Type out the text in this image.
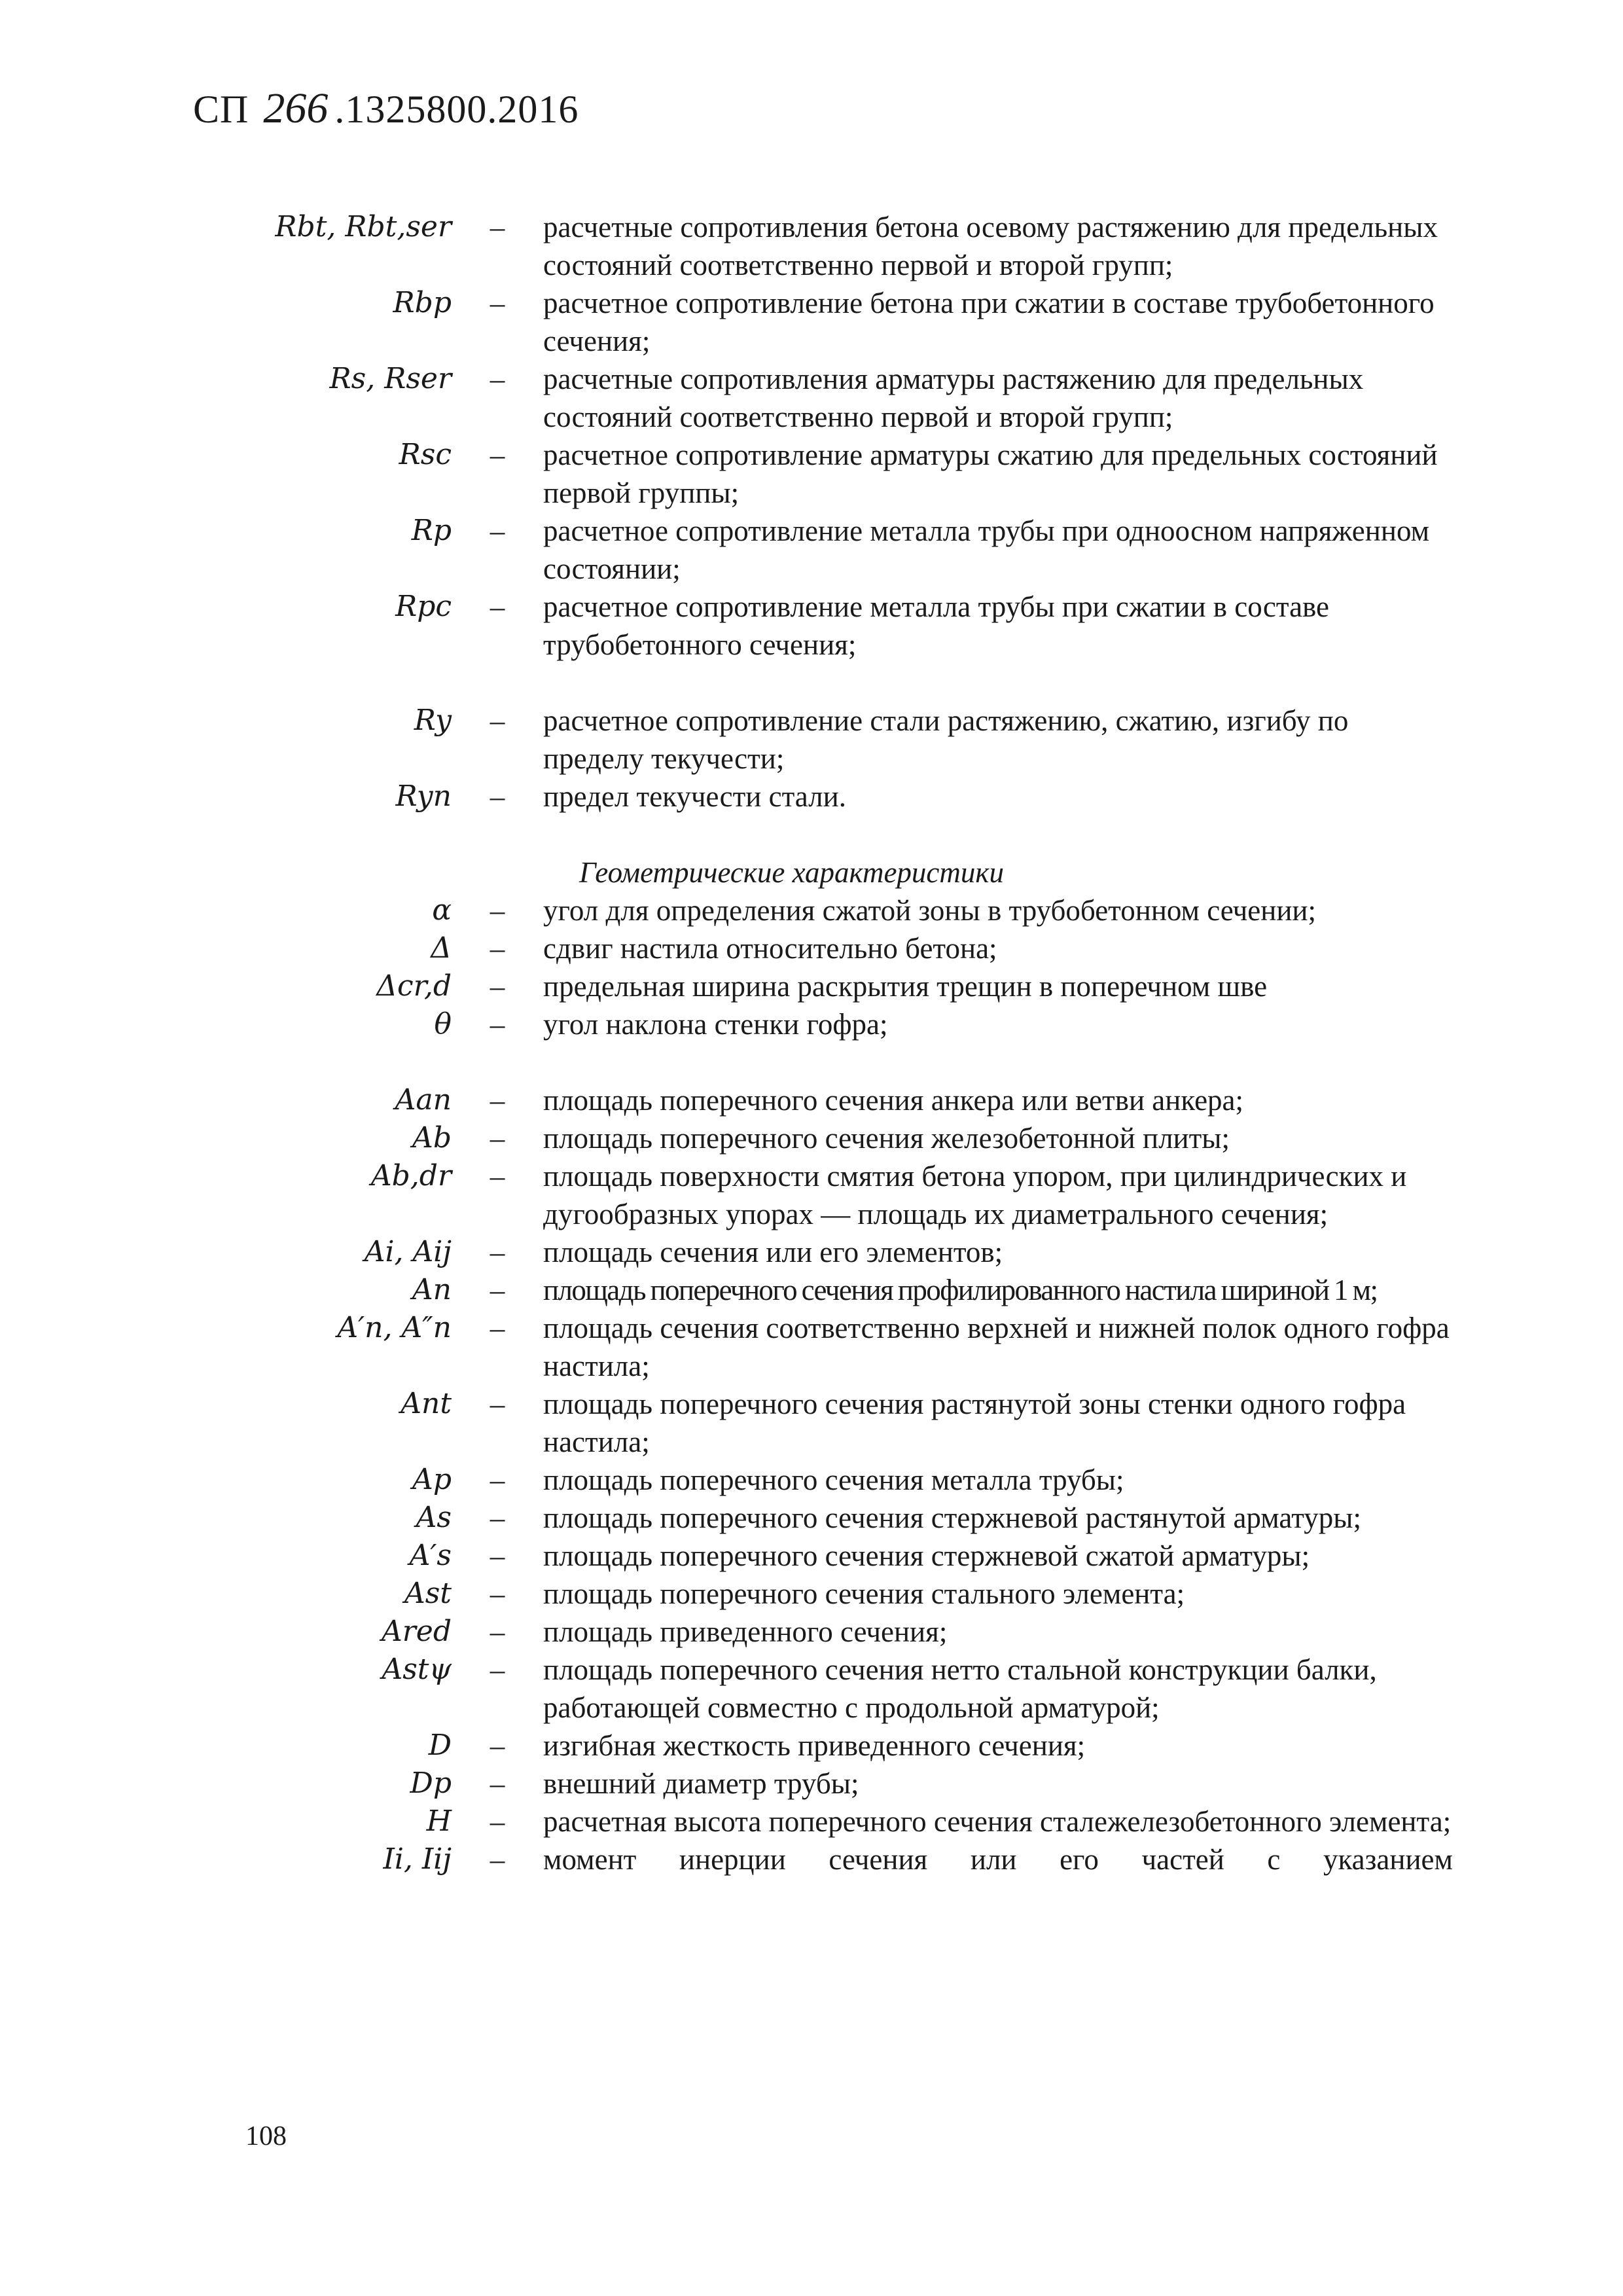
СП 266 .1325800.2016
Rbt, Rbt,ser	–	расчетные сопротивления бетона осевому растяжению для предельных состояний соответственно первой и второй групп;
Rbp	–	расчетное сопротивление бетона при сжатии в составе трубобетонного сечения;
Rs, Rser	–	расчетные сопротивления арматуры растяжению для предельных состояний соответственно первой и второй групп;
Rsc	–	расчетное сопротивление арматуры сжатию для предельных состояний первой группы;
Rp	–	расчетное сопротивление металла трубы при одноосном напряженном состоянии;
Rpc	–	расчетное сопротивление металла трубы при сжатии в составе трубобетонного сечения;
Ry	–	расчетное сопротивление стали растяжению, сжатию, изгибу по пределу текучести;
Ryn	–	предел текучести стали.
Геометрические характеристики
α	–	угол для определения сжатой зоны в трубобетонном сечении;
Δ	–	сдвиг настила относительно бетона;
Δcr,d	–	предельная ширина раскрытия трещин в поперечном шве
θ	–	угол наклона стенки гофра;
Aan	–	площадь поперечного сечения анкера или ветви анкера;
Ab	–	площадь поперечного сечения железобетонной плиты;
Ab,dr	–	площадь поверхности смятия бетона упором, при цилиндрических и дугообразных упорах — площадь их диаметрального сечения;
Ai, Aij	–	площадь сечения или его элементов;
An	–	площадь поперечного сечения профилированного настила шириной 1 м;
A′n, A″n	–	площадь сечения соответственно верхней и нижней полок одного гофра настила;
Ant	–	площадь поперечного сечения растянутой зоны стенки одного гофра настила;
Ap	–	площадь поперечного сечения металла трубы;
As	–	площадь поперечного сечения стержневой растянутой арматуры;
A′s	–	площадь поперечного сечения стержневой сжатой арматуры;
Ast	–	площадь поперечного сечения стального элемента;
Ared	–	площадь приведенного сечения;
Astψ	–	площадь поперечного сечения нетто стальной конструкции балки, работающей совместно с продольной арматурой;
D	–	изгибная жесткость приведенного сечения;
Dp	–	внешний диаметр трубы;
H	–	расчетная высота поперечного сечения сталежелезобетонного элемента;
Ii, Iij	–	момент инерции сечения или его частей с указанием
108
